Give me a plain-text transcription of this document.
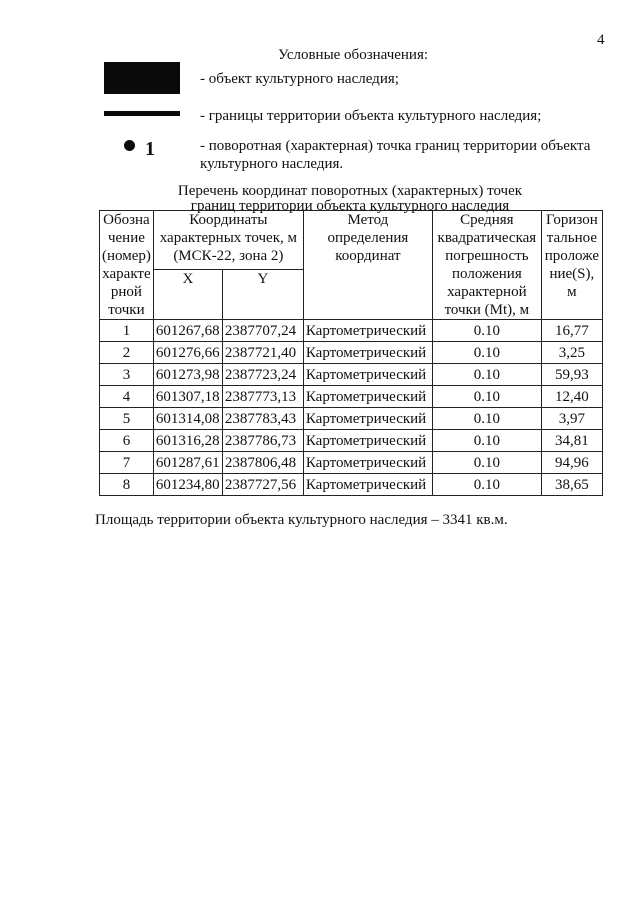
4
Условные обозначения:
- объект культурного наследия;
- границы территории объекта культурного наследия;
1	- поворотная (характерная) точка границ территории объекта культурного наследия.
Перечень координат поворотных (характерных) точек
границ территории объекта культурного наследия
Обозна чение (номер) характе рной точки	Координаты характерных точек, м (МСК-22, зона 2)		Метод определения координат	Средняя квадратическая погрешность положения характерной точки (Mt), м	Горизон тальное проложе ние(S), м
	X	Y			
1	601267,68	2387707,24	Картометрический	0.10	16,77
2	601276,66	2387721,40	Картометрический	0.10	3,25
3	601273,98	2387723,24	Картометрический	0.10	59,93
4	601307,18	2387773,13	Картометрический	0.10	12,40
5	601314,08	2387783,43	Картометрический	0.10	3,97
6	601316,28	2387786,73	Картометрический	0.10	34,81
7	601287,61	2387806,48	Картометрический	0.10	94,96
8	601234,80	2387727,56	Картометрический	0.10	38,65
Площадь территории объекта культурного наследия – 3341 кв.м.
